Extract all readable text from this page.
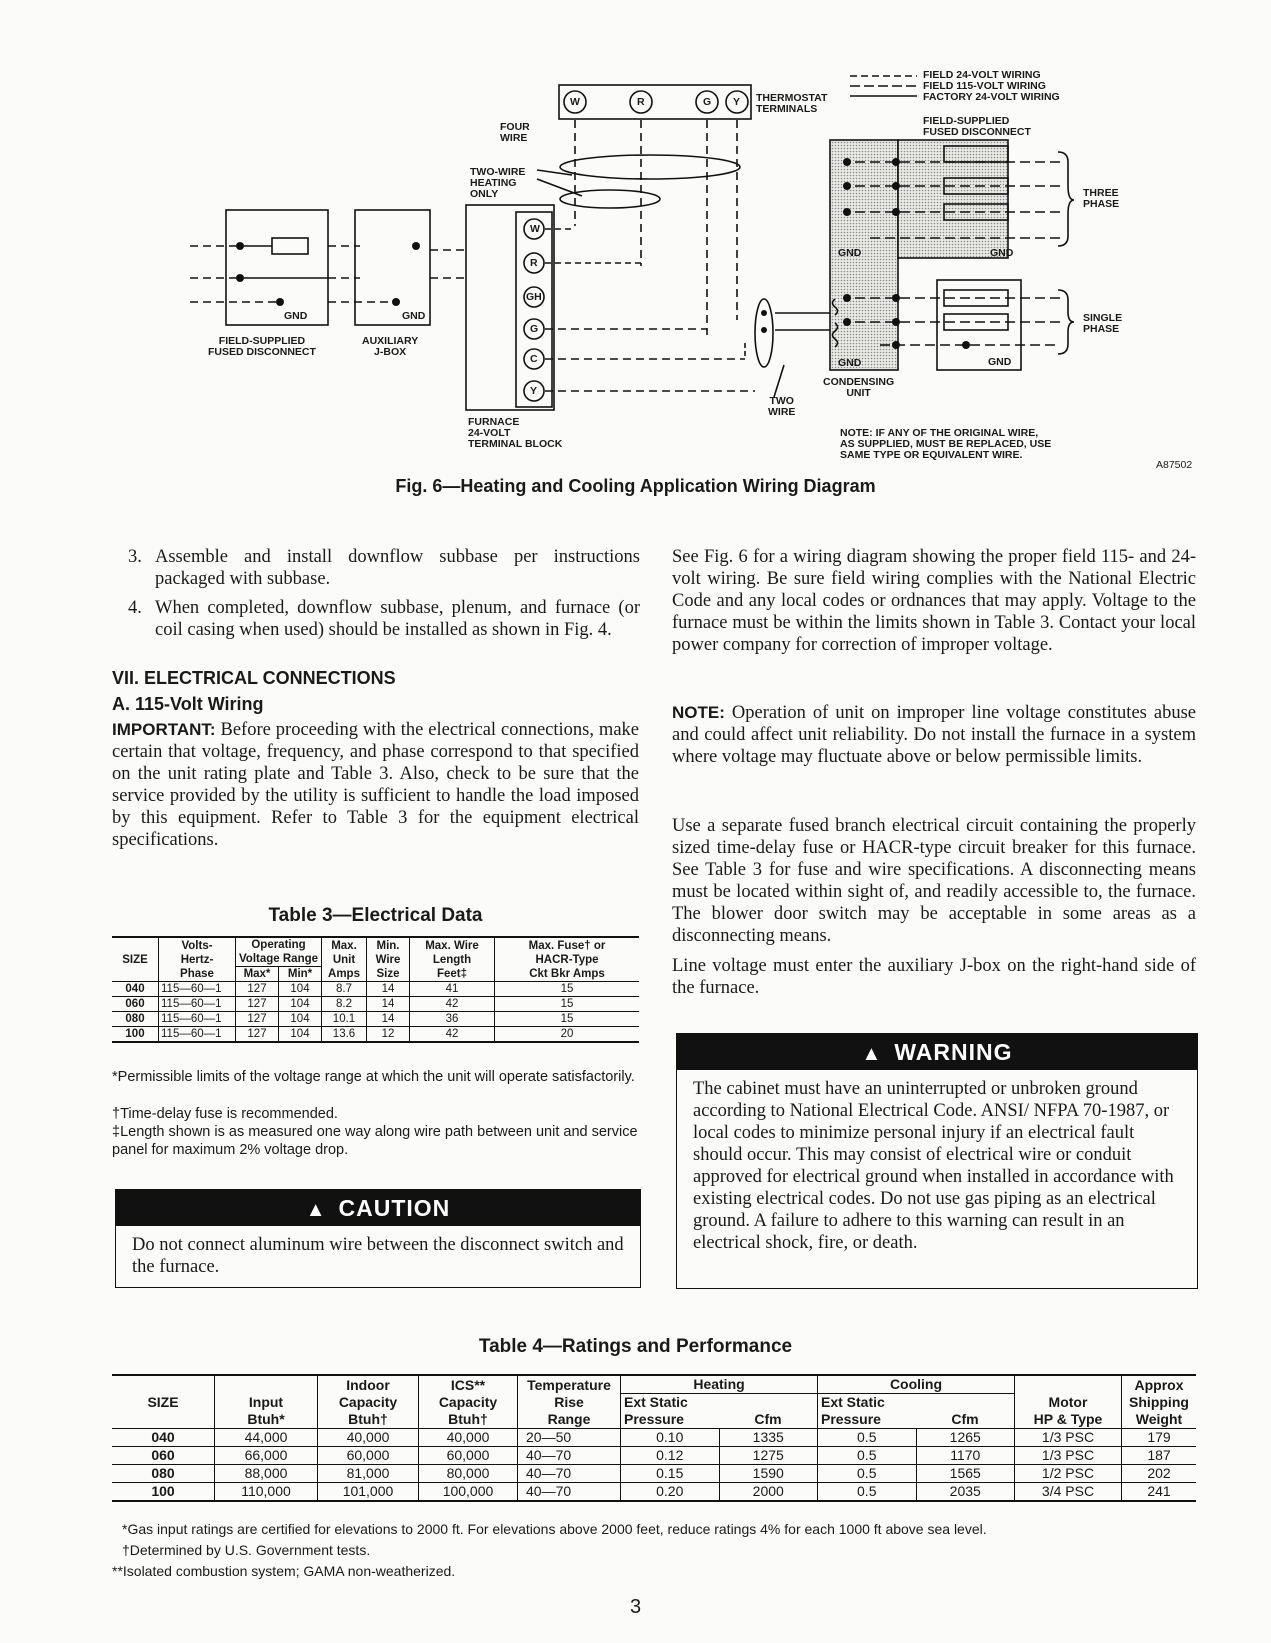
FIELD 24-VOLT WIRING
FIELD 115-VOLT WIRING
FACTORY 24-VOLT WIRING
W	R	G Y THERMOSTAT
TERMINALS
FOUR
WIRE
TWO-WIRE
HEATING
ONLY
FIELD-SUPPLIED
FUSED DISCONNECT
THREE
PHASE
SINGLE
PHASE
W
R
GH
G
C
Y
GND	GND
GND	GND
GND	GND
FIELD-SUPPLIED
FUSED DISCONNECT
AUXILIARY
J-BOX
FURNACE
24-VOLT
TERMINAL BLOCK
CONDENSING
UNIT
TWO
WIRE
NOTE: IF ANY OF THE ORIGINAL WIRE,
AS SUPPLIED, MUST BE REPLACED, USE
SAME TYPE OR EQUIVALENT WIRE.
A87502
Fig. 6—Heating and Cooling Application Wiring Diagram
3. Assemble and install downflow subbase per instructions packaged with subbase.
4. When completed, downflow subbase, plenum, and furnace (or coil casing when used) should be installed as shown in Fig. 4.
VII. ELECTRICAL CONNECTIONS
A. 115-Volt Wiring
IMPORTANT: Before proceeding with the electrical connections, make certain that voltage, frequency, and phase correspond to that specified on the unit rating plate and Table 3. Also, check to be sure that the service provided by the utility is sufficient to handle the load imposed by this equipment. Refer to Table 3 for the equipment electrical specifications.
Table 3—Electrical Data
SIZE	Volts-
Hertz-
Phase	Operating
Voltage Range		Max.
Unit
Amps	Min.
Wire
Size	Max. Wire
Length
Feet‡	Max. Fuse† or
HACR-Type
Ckt Bkr Amps
		Max*	Min*				
040	115—60—1	127	104	8.7	14	41	15
060	115—60—1	127	104	8.2	14	42	15
080	115—60—1	127	104	10.1	14	36	15
100	115—60—1	127	104	13.6	12	42	20
*Permissible limits of the voltage range at which the unit will operate satisfactorily.
†Time-delay fuse is recommended.
‡Length shown is as measured one way along wire path between unit and service panel for maximum 2% voltage drop.
▲ CAUTION
Do not connect aluminum wire between the disconnect switch and the furnace.
See Fig. 6 for a wiring diagram showing the proper field 115- and 24-volt wiring. Be sure field wiring complies with the National Electric Code and any local codes or ordnances that may apply. Voltage to the furnace must be within the limits shown in Table 3. Contact your local power company for correction of improper voltage.
NOTE: Operation of unit on improper line voltage constitutes abuse and could affect unit reliability. Do not install the furnace in a system where voltage may fluctuate above or below permissible limits.
Use a separate fused branch electrical circuit containing the properly sized time-delay fuse or HACR-type circuit breaker for this furnace. See Table 3 for fuse and wire specifications. A disconnecting means must be located within sight of, and readily accessible to, the furnace. The blower door switch may be acceptable in some areas as a disconnecting means.
Line voltage must enter the auxiliary J-box on the right-hand side of the furnace.
▲ WARNING
The cabinet must have an uninterrupted or unbroken ground according to National Electrical Code. ANSI/ NFPA 70-1987, or local codes to minimize personal injury if an electrical fault should occur. This may consist of electrical wire or conduit approved for electrical ground when installed in accordance with existing electrical codes. Do not use gas piping as an electrical ground. A failure to adhere to this warning can result in an electrical shock, fire, or death.
Table 4—Ratings and Performance
SIZE	Input
Btuh*	Indoor
Capacity
Btuh†	ICS**
Capacity
Btuh†	Temperature
Rise
Range	Heating		Cooling		Motor
HP & Type	Approx
Shipping
Weight
					Ext Static
Pressure	Cfm	Ext Static
Pressure	Cfm		
040	44,000	40,000	40,000	20—50	0.10	1335	0.5	1265	1/3 PSC	179
060	66,000	60,000	60,000	40—70	0.12	1275	0.5	1170	1/3 PSC	187
080	88,000	81,000	80,000	40—70	0.15	1590	0.5	1565	1/2 PSC	202
100	110,000	101,000	100,000	40—70	0.20	2000	0.5	2035	3/4 PSC	241
*Gas input ratings are certified for elevations to 2000 ft. For elevations above 2000 feet, reduce ratings 4% for each 1000 ft above sea level.
†Determined by U.S. Government tests.
**Isolated combustion system; GAMA non-weatherized.
3
